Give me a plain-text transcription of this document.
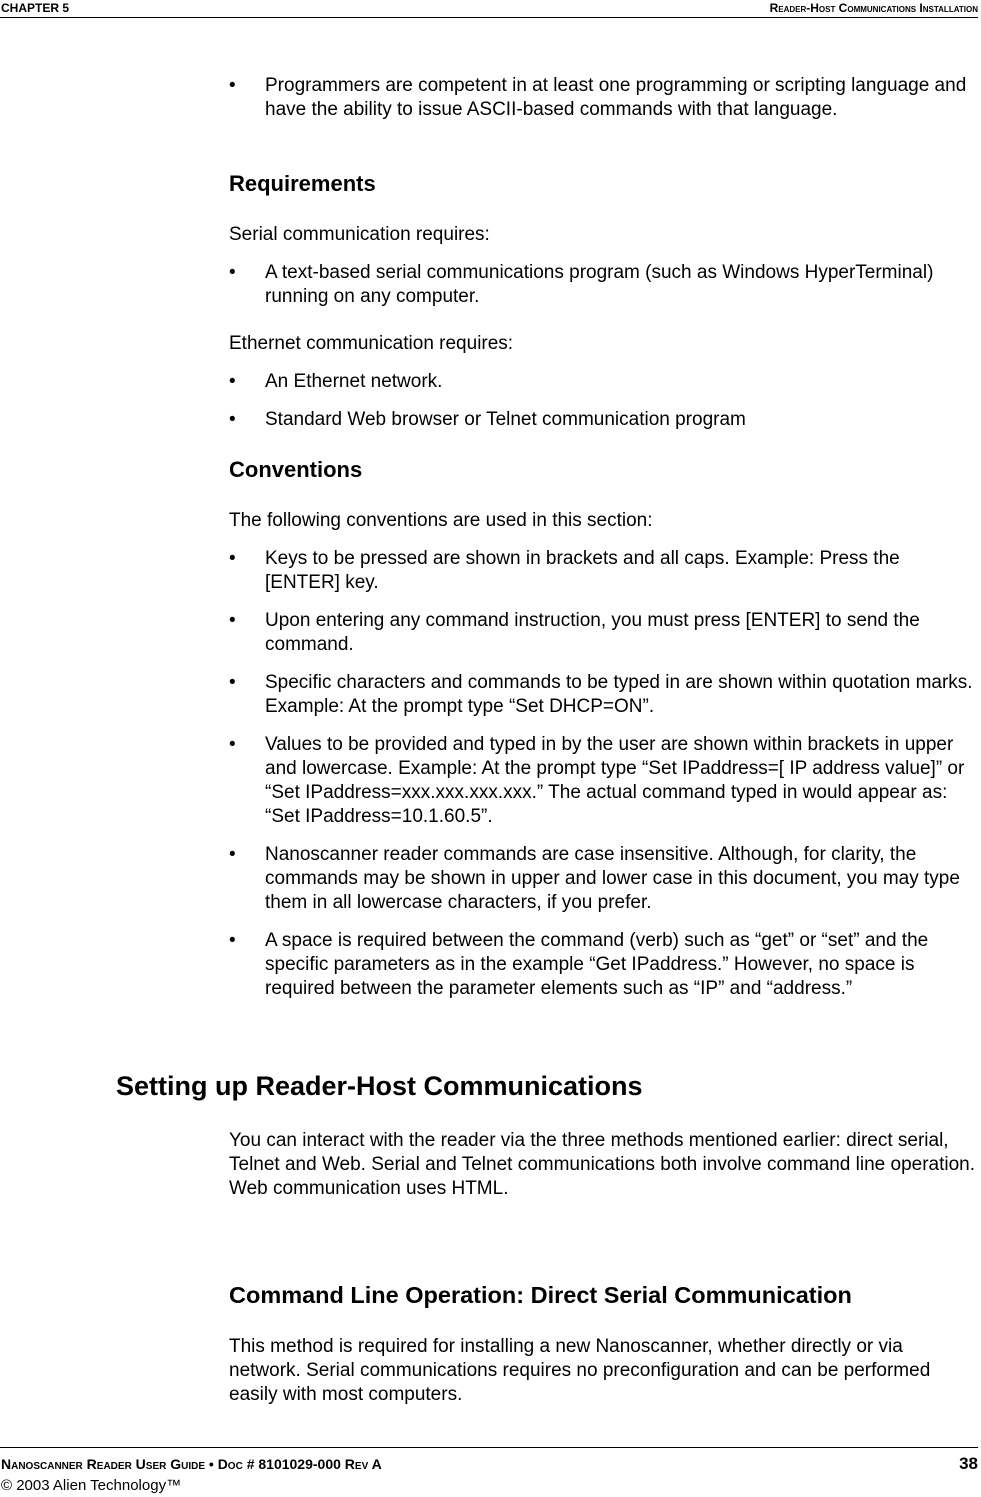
CHAPTER 5	Reader-Host Communications Installation
• Programmers are competent in at least one programming or scripting language and have the ability to issue ASCII-based commands with that language.
Requirements
Serial communication requires:
• A text-based serial communications program (such as Windows HyperTerminal) running on any computer.
Ethernet communication requires:
• An Ethernet network.
• Standard Web browser or Telnet communication program
Conventions
The following conventions are used in this section:
• Keys to be pressed are shown in brackets and all caps. Example: Press the [ENTER] key.
• Upon entering any command instruction, you must press [ENTER] to send the command.
• Specific characters and commands to be typed in are shown within quotation marks. Example: At the prompt type “Set DHCP=ON”.
• Values to be provided and typed in by the user are shown within brackets in upper and lowercase. Example: At the prompt type “Set IPaddress=[ IP address value]” or “Set IPaddress=xxx.xxx.xxx.xxx.” The actual command typed in would appear as: “Set IPaddress=10.1.60.5”.
• Nanoscanner reader commands are case insensitive. Although, for clarity, the commands may be shown in upper and lower case in this document, you may type them in all lowercase characters, if you prefer.
• A space is required between the command (verb) such as “get” or “set” and the specific parameters as in the example “Get IPaddress.” However, no space is required between the parameter elements such as “IP” and “address.”
Setting up Reader-Host Communications
You can interact with the reader via the three methods mentioned earlier: direct serial, Telnet and Web. Serial and Telnet communications both involve command line operation. Web communication uses HTML.
Command Line Operation: Direct Serial Communication
This method is required for installing a new Nanoscanner, whether directly or via network. Serial communications requires no preconfiguration and can be performed easily with most computers.
Nanoscanner Reader User Guide • Doc # 8101029-000 Rev A	38
© 2003 Alien Technology™
